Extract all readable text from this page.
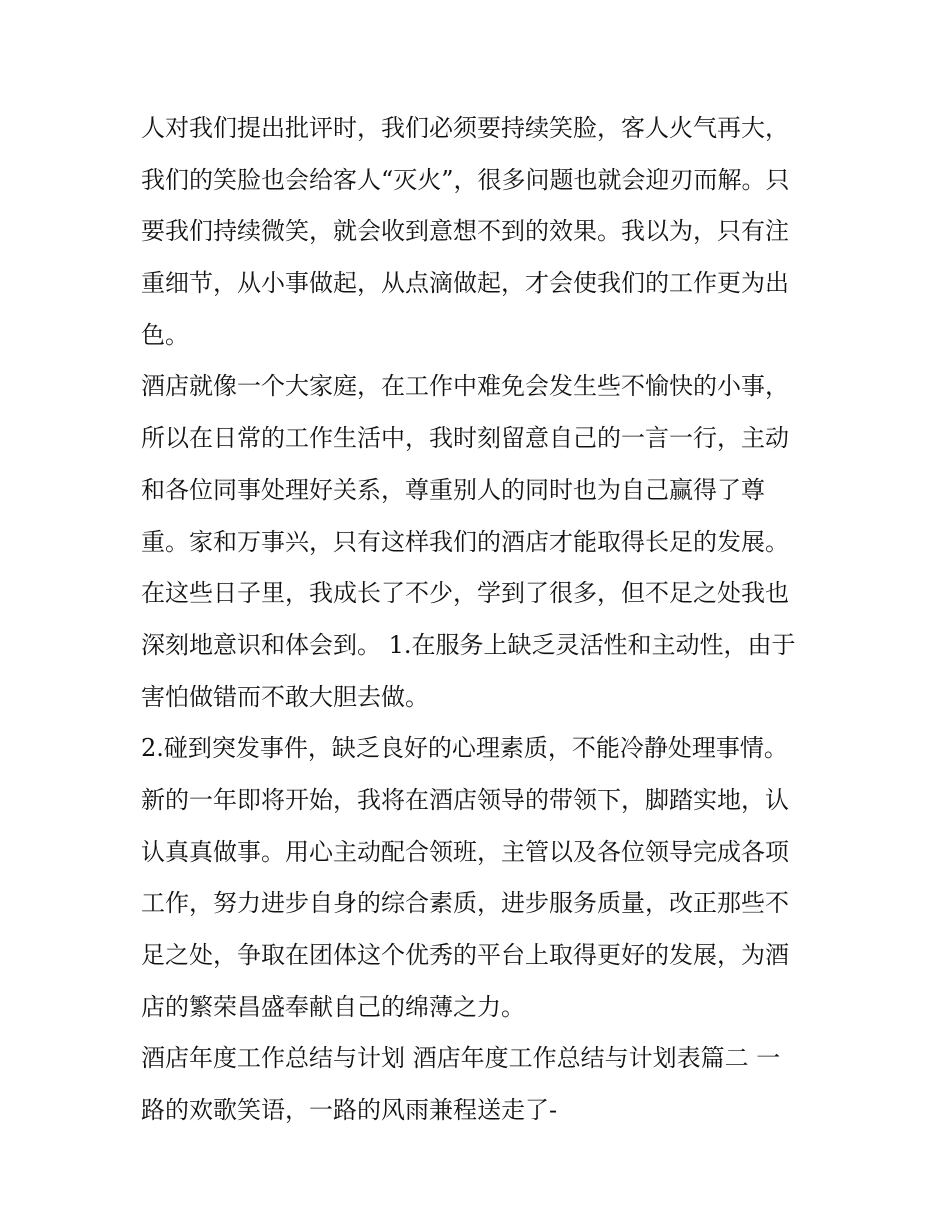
人对我们提出批评时，我们必须要持续笑脸，客人火气再大，
我们的笑脸也会给客人“灭火”，很多问题也就会迎刃而解。只
要我们持续微笑，就会收到意想不到的效果。我以为，只有注
重细节，从小事做起，从点滴做起，才会使我们的工作更为出
色。
酒店就像一个大家庭，在工作中难免会发生些不愉快的小事，
所以在日常的工作生活中，我时刻留意自己的一言一行，主动
和各位同事处理好关系，尊重别人的同时也为自己赢得了尊
重。家和万事兴，只有这样我们的酒店才能取得长足的发展。
在这些日子里，我成长了不少，学到了很多，但不足之处我也
深刻地意识和体会到。 1.在服务上缺乏灵活性和主动性，由于
害怕做错而不敢大胆去做。
2.碰到突发事件，缺乏良好的心理素质，不能冷静处理事情。
新的一年即将开始，我将在酒店领导的带领下，脚踏实地，认
认真真做事。用心主动配合领班，主管以及各位领导完成各项
工作，努力进步自身的综合素质，进步服务质量，改正那些不
足之处，争取在团体这个优秀的平台上取得更好的发展，为酒
店的繁荣昌盛奉献自己的绵薄之力。
酒店年度工作总结与计划 酒店年度工作总结与计划表篇二 一
路的欢歌笑语，一路的风雨兼程送走了-
